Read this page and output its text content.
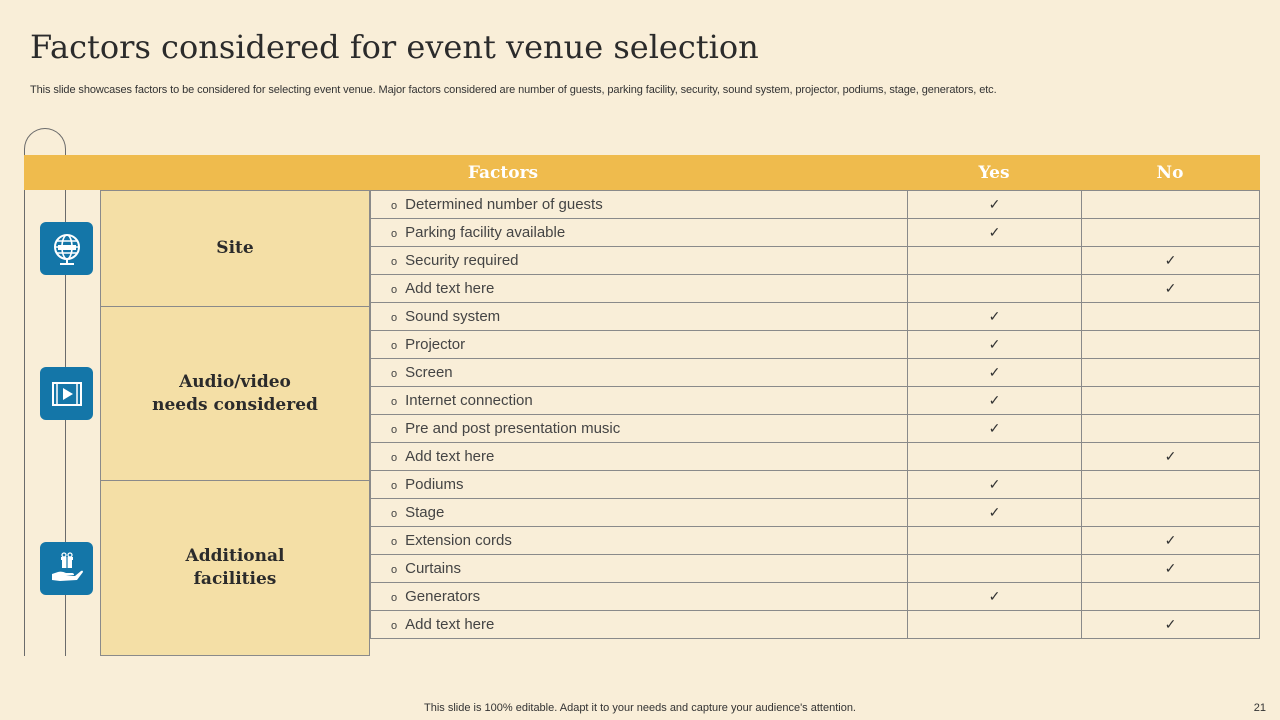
Factors considered for event venue selection
This slide showcases factors to be considered for selecting event venue. Major factors considered are number of guests, parking facility, security, sound system, projector, podiums, stage, generators, etc.
Factors	Yes	No
Site
Audio/video needs considered
Additional facilities
o Determined number of guests	✓	
o Parking facility available	✓	
o Security required		✓
o Add text here		✓
o Sound system	✓	
o Projector	✓	
o Screen	✓	
o Internet connection	✓	
o Pre and post presentation music	✓	
o Add text here		✓
o Podiums	✓	
o Stage	✓	
o Extension cords		✓
o Curtains		✓
o Generators	✓	
o Add text here		✓
This slide is 100% editable. Adapt it to your needs and capture your audience's attention.	21
